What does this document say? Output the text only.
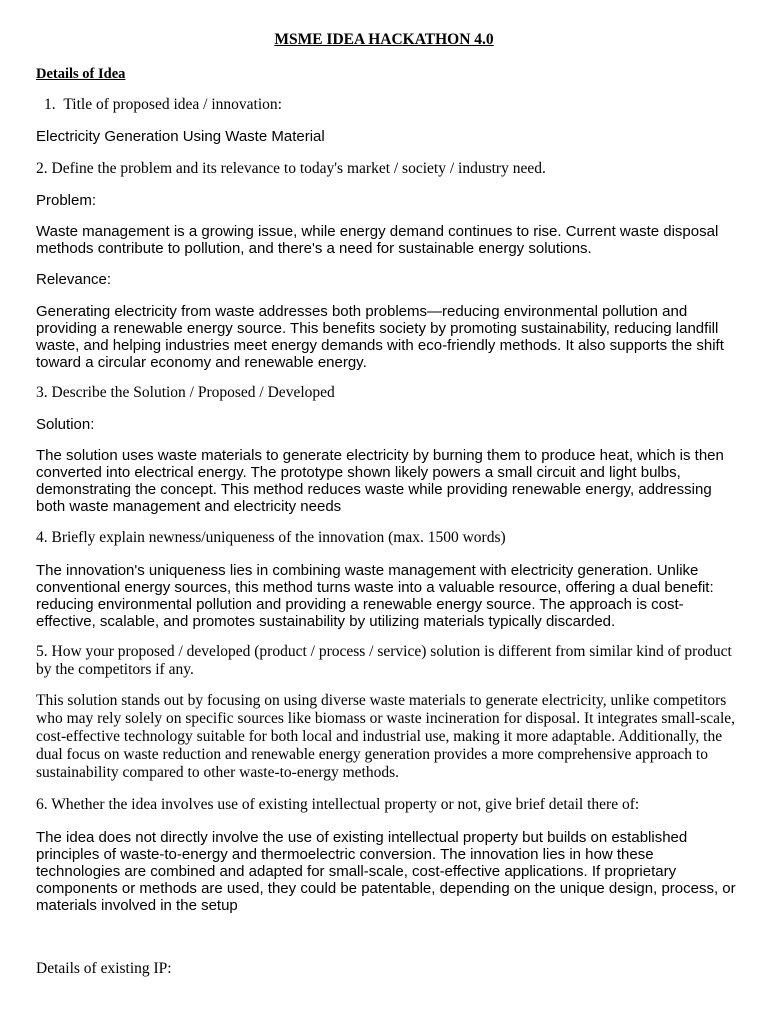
MSME IDEA HACKATHON 4.0

Details of Idea

1. Title of proposed idea / innovation:

Electricity Generation Using Waste Material

2. Define the problem and its relevance to today's market / society / industry need.

Problem:

Waste management is a growing issue, while energy demand continues to rise. Current waste disposal methods contribute to pollution, and there's a need for sustainable energy solutions.

Relevance:

Generating electricity from waste addresses both problems—reducing environmental pollution and providing a renewable energy source. This benefits society by promoting sustainability, reducing landfill waste, and helping industries meet energy demands with eco-friendly methods. It also supports the shift toward a circular economy and renewable energy.

3. Describe the Solution / Proposed / Developed

Solution:

The solution uses waste materials to generate electricity by burning them to produce heat, which is then converted into electrical energy. The prototype shown likely powers a small circuit and light bulbs, demonstrating the concept. This method reduces waste while providing renewable energy, addressing both waste management and electricity needs

4. Briefly explain newness/uniqueness of the innovation (max. 1500 words)

The innovation's uniqueness lies in combining waste management with electricity generation. Unlike conventional energy sources, this method turns waste into a valuable resource, offering a dual benefit: reducing environmental pollution and providing a renewable energy source. The approach is cost-effective, scalable, and promotes sustainability by utilizing materials typically discarded.

5. How your proposed / developed (product / process / service) solution is different from similar kind of product by the competitors if any.

This solution stands out by focusing on using diverse waste materials to generate electricity, unlike competitors who may rely solely on specific sources like biomass or waste incineration for disposal. It integrates small-scale, cost-effective technology suitable for both local and industrial use, making it more adaptable. Additionally, the dual focus on waste reduction and renewable energy generation provides a more comprehensive approach to sustainability compared to other waste-to-energy methods.

6. Whether the idea involves use of existing intellectual property or not, give brief detail there of:

The idea does not directly involve the use of existing intellectual property but builds on established principles of waste-to-energy and thermoelectric conversion. The innovation lies in how these technologies are combined and adapted for small-scale, cost-effective applications. If proprietary components or methods are used, they could be patentable, depending on the unique design, process, or materials involved in the setup

Details of existing IP:
